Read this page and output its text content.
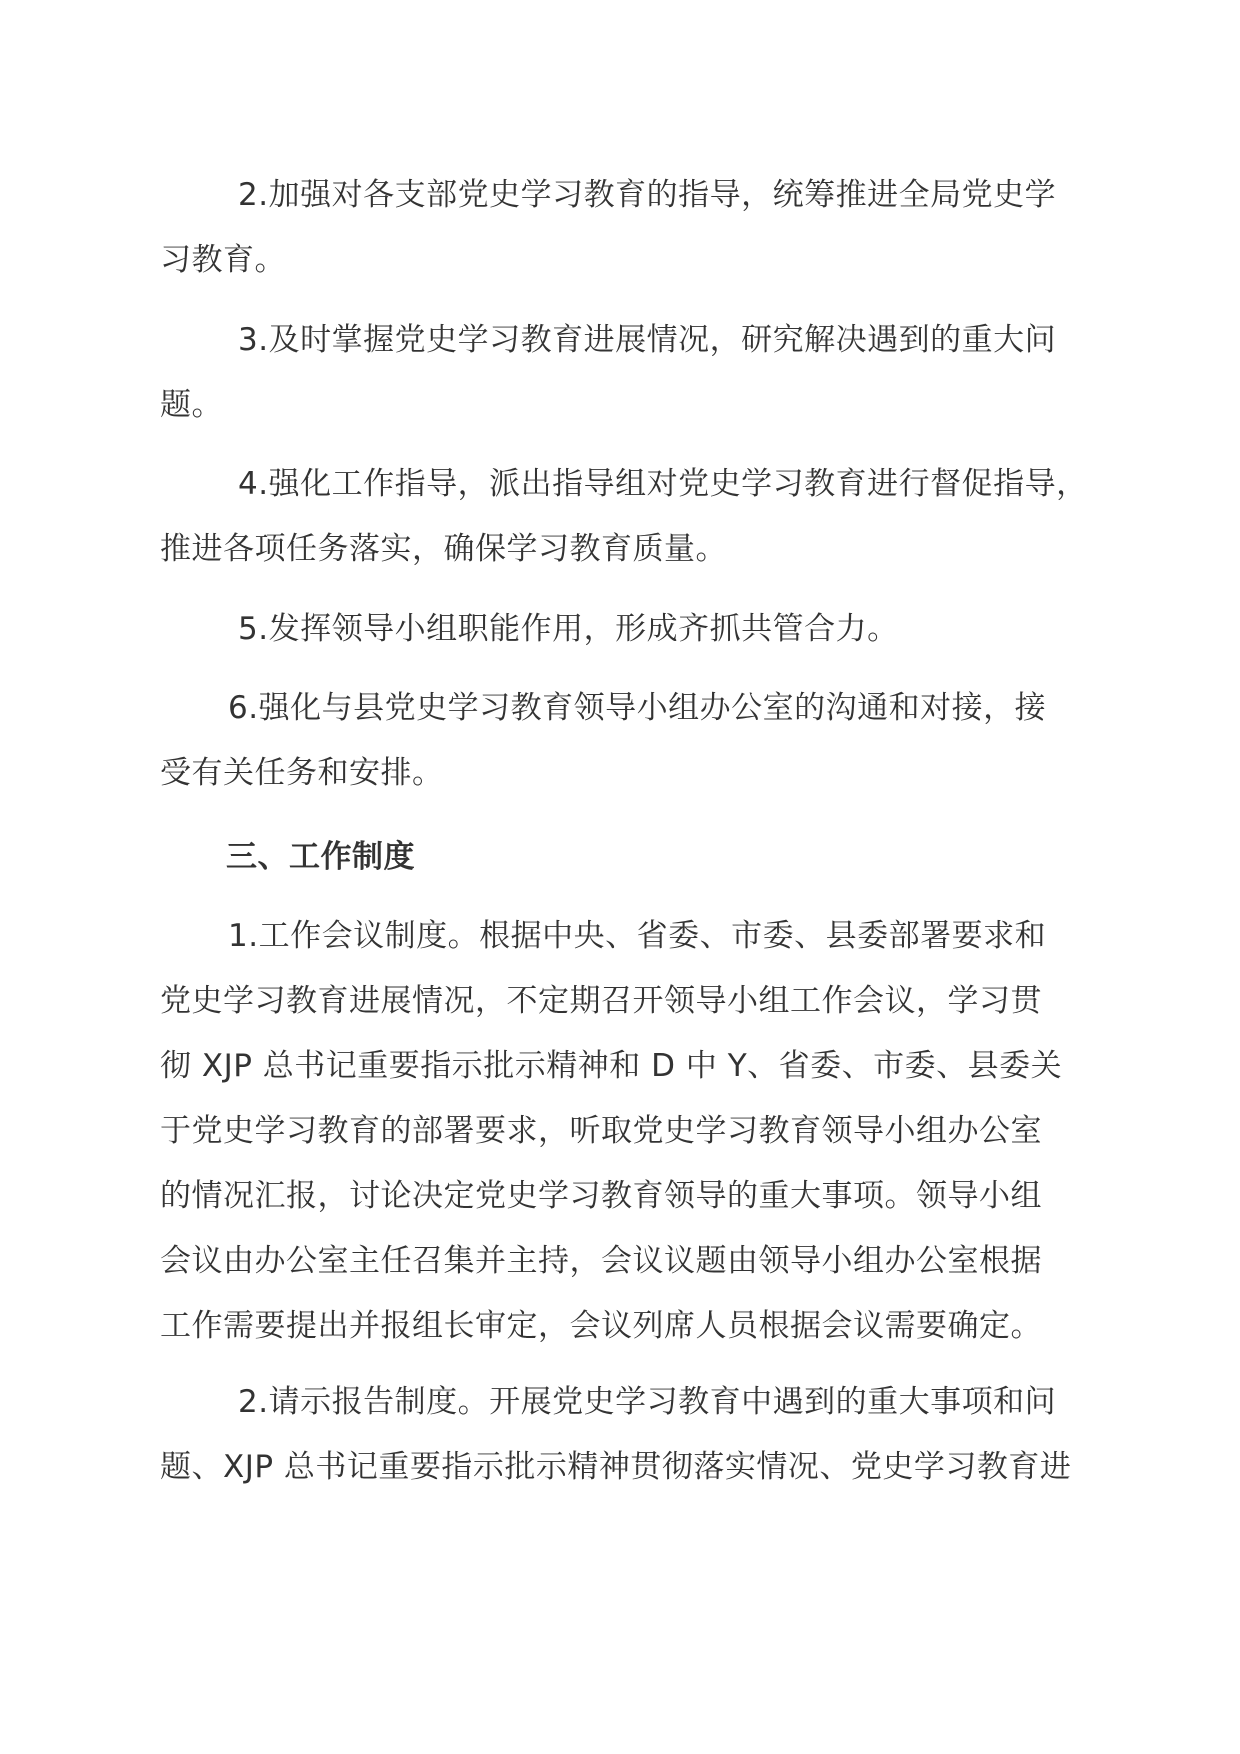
2.加强对各支部党史学习教育的指导，统筹推进全局党史学
习教育。

3.及时掌握党史学习教育进展情况，研究解决遇到的重大问
题。

4.强化工作指导，派出指导组对党史学习教育进行督促指导，
推进各项任务落实，确保学习教育质量。

5.发挥领导小组职能作用，形成齐抓共管合力。

6.强化与县党史学习教育领导小组办公室的沟通和对接，接
受有关任务和安排。

三、工作制度

1.工作会议制度。根据中央、省委、市委、县委部署要求和
党史学习教育进展情况，不定期召开领导小组工作会议，学习贯
彻 XJP 总书记重要指示批示精神和 D 中 Y、省委、市委、县委关
于党史学习教育的部署要求，听取党史学习教育领导小组办公室
的情况汇报，讨论决定党史学习教育领导的重大事项。领导小组
会议由办公室主任召集并主持，会议议题由领导小组办公室根据
工作需要提出并报组长审定，会议列席人员根据会议需要确定。

2.请示报告制度。开展党史学习教育中遇到的重大事项和问
题、XJP 总书记重要指示批示精神贯彻落实情况、党史学习教育进
